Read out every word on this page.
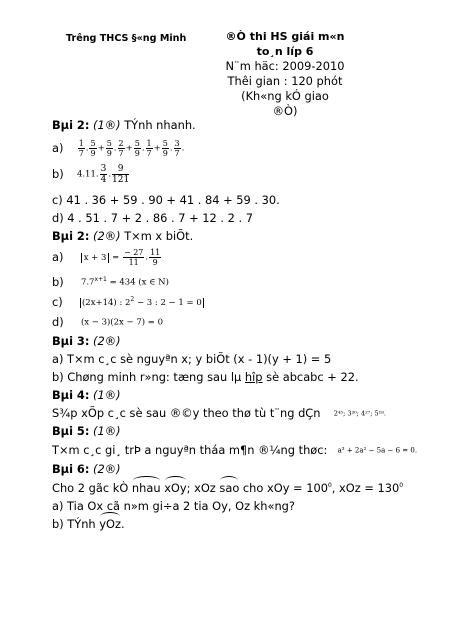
Trêng THCS §«ng Minh	®Ò thi HS giái m«n to¸n líp 6
N¨m häc: 2009-2010
Thêi gian : 120 phót (Kh«ng kÓ giao
®Ò)
Bµi 2: (1®) TÝnh nhanh.
$a) \frac{1}{7}$ . $\frac{5}{9} + \frac{5}{9}$ . $\frac{2}{7} + \frac{5}{9}$ . $\frac{1}{7} + \frac{5}{9}$ . $\frac{3}{7}$ .
b) 4.11. $\frac{3}{4}$ . $\frac{9}{121}$
c) 41 . 36 + 59 . 90 + 41 . 84 + 59 . 30.
d) 4 . 51 . 7 + 2 . 86 . 7 + 12 . 2 . 7
Bµi 2: (2®) T×m x biÕt.
a) $x + 3 = \frac{- 27}{11}$ . $\frac{11}{9}$
b) $7.7^{x+1} = 434$ (x ∈ N)
c) (2x+14) : $2^2 - 3$ : 2 − 1 = 0
d) (x − 3)(2x − 7) = 0
Bµi 3: (2®)
a) T×m c¸c sè nguyªn x; y biÕt (x - 1)(y + 1) = 5
b) Chøng minh r»ng: tæng sau lµ hîp sè abcabc + 22.
Bµi 4: (1®)
S¾p xÕp c¸c sè sau ®©y theo thø tù t¨ng dÇn 2⁴⁵; 3³⁰; 4²⁷; 5¹⁸.
Bµi 5: (1®)
T×m c¸c gi¸ trÞ a nguyªn tháa m¶n ®¼ng thøc: a³ + 2a² − 5a − 6 = 0.
Bµi 6: (2®)
Cho 2 gãc kÒ nhau xOy; xOz sao cho xOy = $100^0$, xOz = $130^0$
a) Tia Ox cã n»m gi÷a 2 tia Oy, Oz kh«ng?
b) TÝnh yOz.
